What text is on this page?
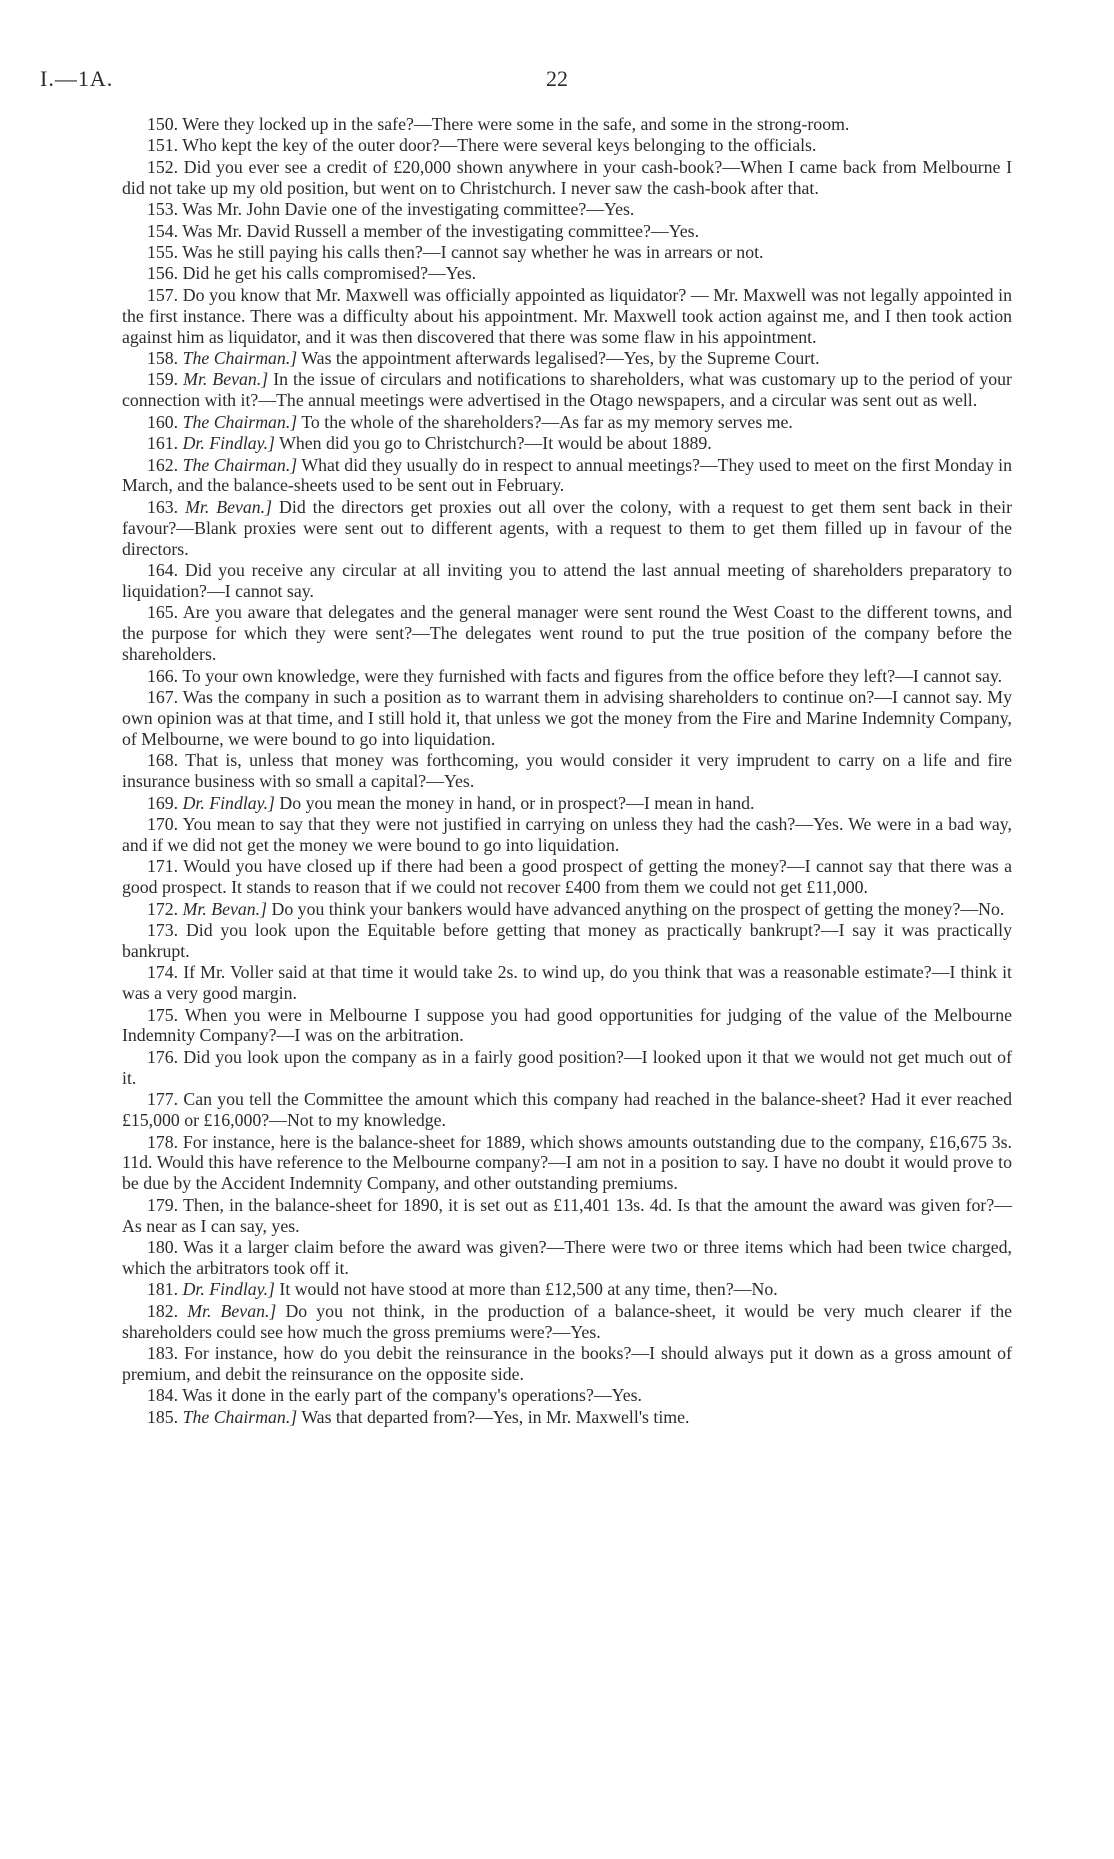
I.—1A.	22

150. Were they locked up in the safe?—There were some in the safe, and some in the strong-room.

151. Who kept the key of the outer door?—There were several keys belonging to the officials.

152. Did you ever see a credit of £20,000 shown anywhere in your cash-book?—When I came back from Melbourne I did not take up my old position, but went on to Christchurch. I never saw the cash-book after that.

153. Was Mr. John Davie one of the investigating committee?—Yes.

154. Was Mr. David Russell a member of the investigating committee?—Yes.

155. Was he still paying his calls then?—I cannot say whether he was in arrears or not.

156. Did he get his calls compromised?—Yes.

157. Do you know that Mr. Maxwell was officially appointed as liquidator? — Mr. Maxwell was not legally appointed in the first instance. There was a difficulty about his appointment. Mr. Maxwell took action against me, and I then took action against him as liquidator, and it was then discovered that there was some flaw in his appointment.

158. The Chairman.] Was the appointment afterwards legalised?—Yes, by the Supreme Court.

159. Mr. Bevan.] In the issue of circulars and notifications to shareholders, what was customary up to the period of your connection with it?—The annual meetings were advertised in the Otago newspapers, and a circular was sent out as well.

160. The Chairman.] To the whole of the shareholders?—As far as my memory serves me.

161. Dr. Findlay.] When did you go to Christchurch?—It would be about 1889.

162. The Chairman.] What did they usually do in respect to annual meetings?—They used to meet on the first Monday in March, and the balance-sheets used to be sent out in February.

163. Mr. Bevan.] Did the directors get proxies out all over the colony, with a request to get them sent back in their favour?—Blank proxies were sent out to different agents, with a request to them to get them filled up in favour of the directors.

164. Did you receive any circular at all inviting you to attend the last annual meeting of shareholders preparatory to liquidation?—I cannot say.

165. Are you aware that delegates and the general manager were sent round the West Coast to the different towns, and the purpose for which they were sent?—The delegates went round to put the true position of the company before the shareholders.

166. To your own knowledge, were they furnished with facts and figures from the office before they left?—I cannot say.

167. Was the company in such a position as to warrant them in advising shareholders to continue on?—I cannot say. My own opinion was at that time, and I still hold it, that unless we got the money from the Fire and Marine Indemnity Company, of Melbourne, we were bound to go into liquidation.

168. That is, unless that money was forthcoming, you would consider it very imprudent to carry on a life and fire insurance business with so small a capital?—Yes.

169. Dr. Findlay.] Do you mean the money in hand, or in prospect?—I mean in hand.

170. You mean to say that they were not justified in carrying on unless they had the cash?—Yes. We were in a bad way, and if we did not get the money we were bound to go into liquidation.

171. Would you have closed up if there had been a good prospect of getting the money?—I cannot say that there was a good prospect. It stands to reason that if we could not recover £400 from them we could not get £11,000.

172. Mr. Bevan.] Do you think your bankers would have advanced anything on the prospect of getting the money?—No.

173. Did you look upon the Equitable before getting that money as practically bankrupt?—I say it was practically bankrupt.

174. If Mr. Voller said at that time it would take 2s. to wind up, do you think that was a reasonable estimate?—I think it was a very good margin.

175. When you were in Melbourne I suppose you had good opportunities for judging of the value of the Melbourne Indemnity Company?—I was on the arbitration.

176. Did you look upon the company as in a fairly good position?—I looked upon it that we would not get much out of it.

177. Can you tell the Committee the amount which this company had reached in the balance-sheet? Had it ever reached £15,000 or £16,000?—Not to my knowledge.

178. For instance, here is the balance-sheet for 1889, which shows amounts outstanding due to the company, £16,675 3s. 11d. Would this have reference to the Melbourne company?—I am not in a position to say. I have no doubt it would prove to be due by the Accident Indemnity Company, and other outstanding premiums.

179. Then, in the balance-sheet for 1890, it is set out as £11,401 13s. 4d. Is that the amount the award was given for?—As near as I can say, yes.

180. Was it a larger claim before the award was given?—There were two or three items which had been twice charged, which the arbitrators took off it.

181. Dr. Findlay.] It would not have stood at more than £12,500 at any time, then?—No.

182. Mr. Bevan.] Do you not think, in the production of a balance-sheet, it would be very much clearer if the shareholders could see how much the gross premiums were?—Yes.

183. For instance, how do you debit the reinsurance in the books?—I should always put it down as a gross amount of premium, and debit the reinsurance on the opposite side.

184. Was it done in the early part of the company's operations?—Yes.

185. The Chairman.] Was that departed from?—Yes, in Mr. Maxwell's time.
